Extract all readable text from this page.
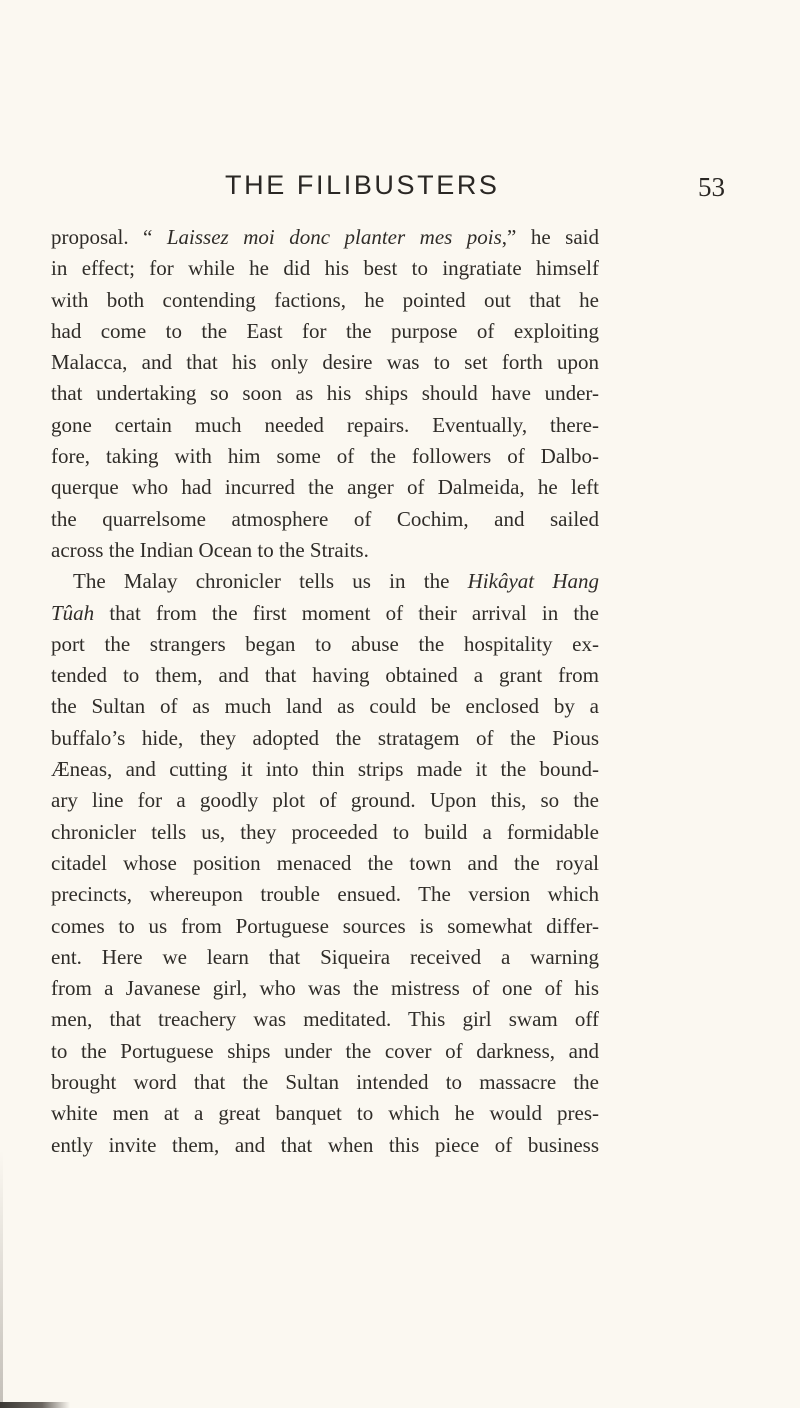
THE FILIBUSTERS	53
proposal. “ Laissez moi donc planter mes pois,” he said
in effect; for while he did his best to ingratiate himself
with both contending factions, he pointed out that he
had come to the East for the purpose of exploiting
Malacca, and that his only desire was to set forth upon
that undertaking so soon as his ships should have under-
gone certain much needed repairs. Eventually, there-
fore, taking with him some of the followers of Dalbo-
querque who had incurred the anger of Dalmeida, he left
the quarrelsome atmosphere of Cochim, and sailed
across the Indian Ocean to the Straits.
The Malay chronicler tells us in the Hikâyat Hang
Tûah that from the first moment of their arrival in the
port the strangers began to abuse the hospitality ex-
tended to them, and that having obtained a grant from
the Sultan of as much land as could be enclosed by a
buffalo’s hide, they adopted the stratagem of the Pious
Æneas, and cutting it into thin strips made it the bound-
ary line for a goodly plot of ground. Upon this, so the
chronicler tells us, they proceeded to build a formidable
citadel whose position menaced the town and the royal
precincts, whereupon trouble ensued. The version which
comes to us from Portuguese sources is somewhat differ-
ent. Here we learn that Siqueira received a warning
from a Javanese girl, who was the mistress of one of his
men, that treachery was meditated. This girl swam off
to the Portuguese ships under the cover of darkness, and
brought word that the Sultan intended to massacre the
white men at a great banquet to which he would pres-
ently invite them, and that when this piece of business
